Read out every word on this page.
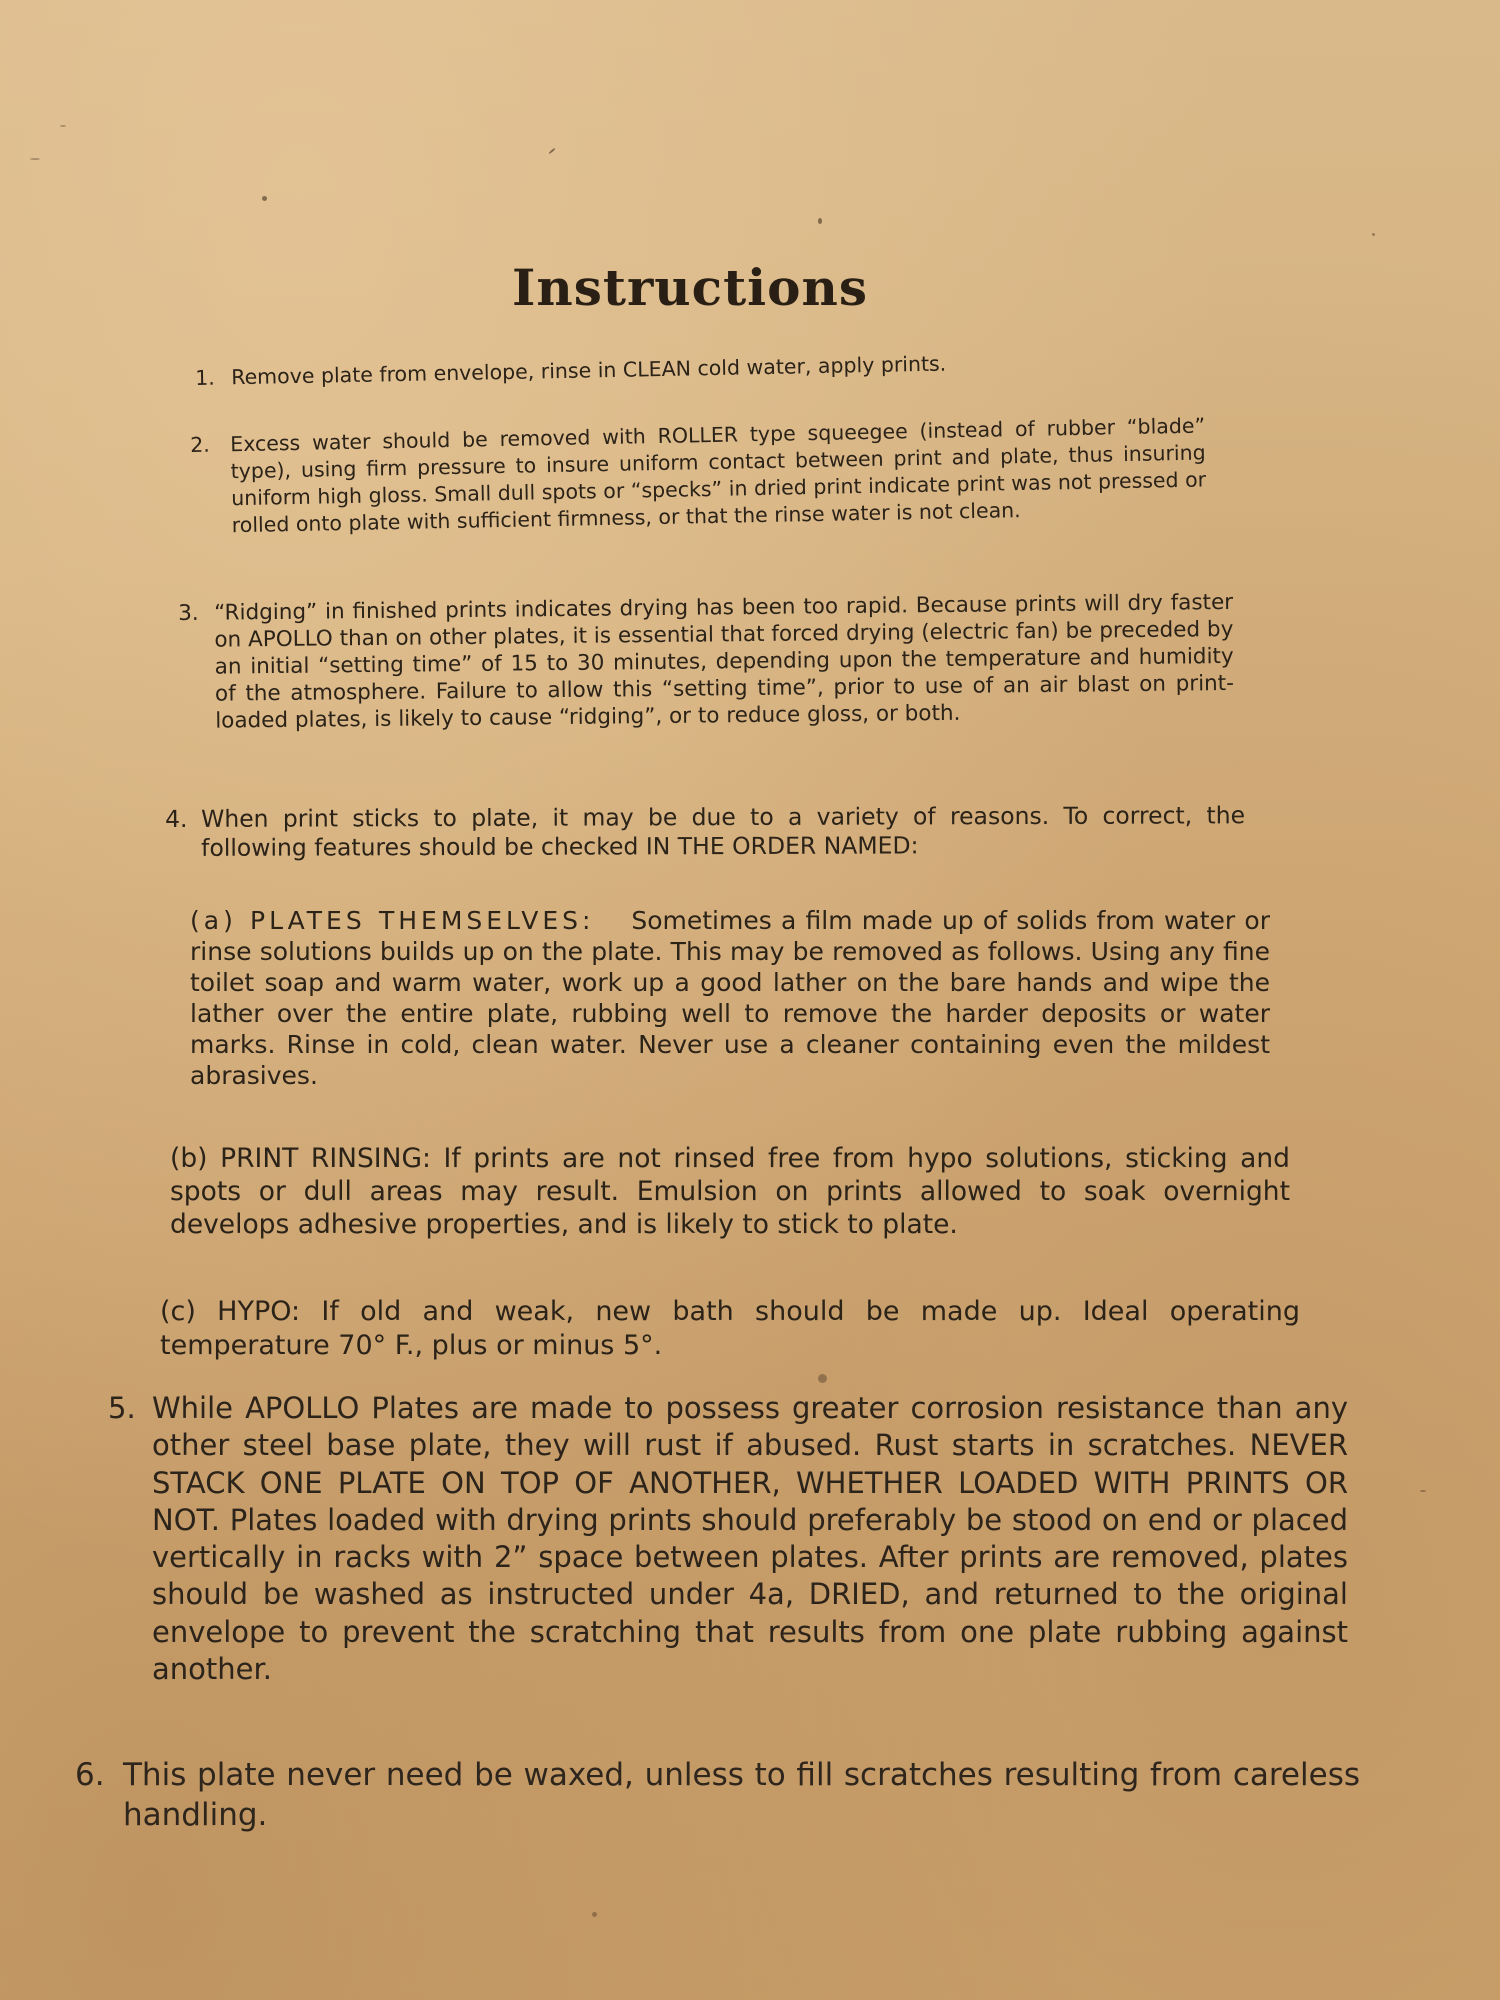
Instructions
1. Remove plate from envelope, rinse in CLEAN cold water, apply prints.
2. Excess water should be removed with ROLLER type squeegee (instead of rubber “blade” type), using firm pressure to insure uniform contact between print and plate, thus insuring uniform high gloss. Small dull spots or “specks” in dried print indicate print was not pressed or rolled onto plate with sufficient firmness, or that the rinse water is not clean.
3. “Ridging” in finished prints indicates drying has been too rapid. Because prints will dry faster on APOLLO than on other plates, it is essential that forced drying (electric fan) be preceded by an initial “setting time” of 15 to 30 minutes, depending upon the temperature and humidity of the atmosphere. Failure to allow this “setting time”, prior to use of an air blast on print-loaded plates, is likely to cause “ridging”, or to reduce gloss, or both.
4. When print sticks to plate, it may be due to a variety of reasons. To correct, the following features should be checked IN THE ORDER NAMED:
(a) PLATES THEMSELVES: Sometimes a film made up of solids from water or rinse solutions builds up on the plate. This may be removed as follows. Using any fine toilet soap and warm water, work up a good lather on the bare hands and wipe the lather over the entire plate, rubbing well to remove the harder deposits or water marks. Rinse in cold, clean water. Never use a cleaner containing even the mildest abrasives.
(b) PRINT RINSING: If prints are not rinsed free from hypo solutions, sticking and spots or dull areas may result. Emulsion on prints allowed to soak overnight develops adhesive properties, and is likely to stick to plate.
(c) HYPO: If old and weak, new bath should be made up. Ideal operating temperature 70° F., plus or minus 5°.
5. While APOLLO Plates are made to possess greater corrosion resistance than any other steel base plate, they will rust if abused. Rust starts in scratches. NEVER STACK ONE PLATE ON TOP OF ANOTHER, WHETHER LOADED WITH PRINTS OR NOT. Plates loaded with drying prints should preferably be stood on end or placed vertically in racks with 2” space between plates. After prints are removed, plates should be washed as instructed under 4a, DRIED, and returned to the original envelope to prevent the scratching that results from one plate rubbing against another.
6. This plate never need be waxed, unless to fill scratches resulting from careless handling.
